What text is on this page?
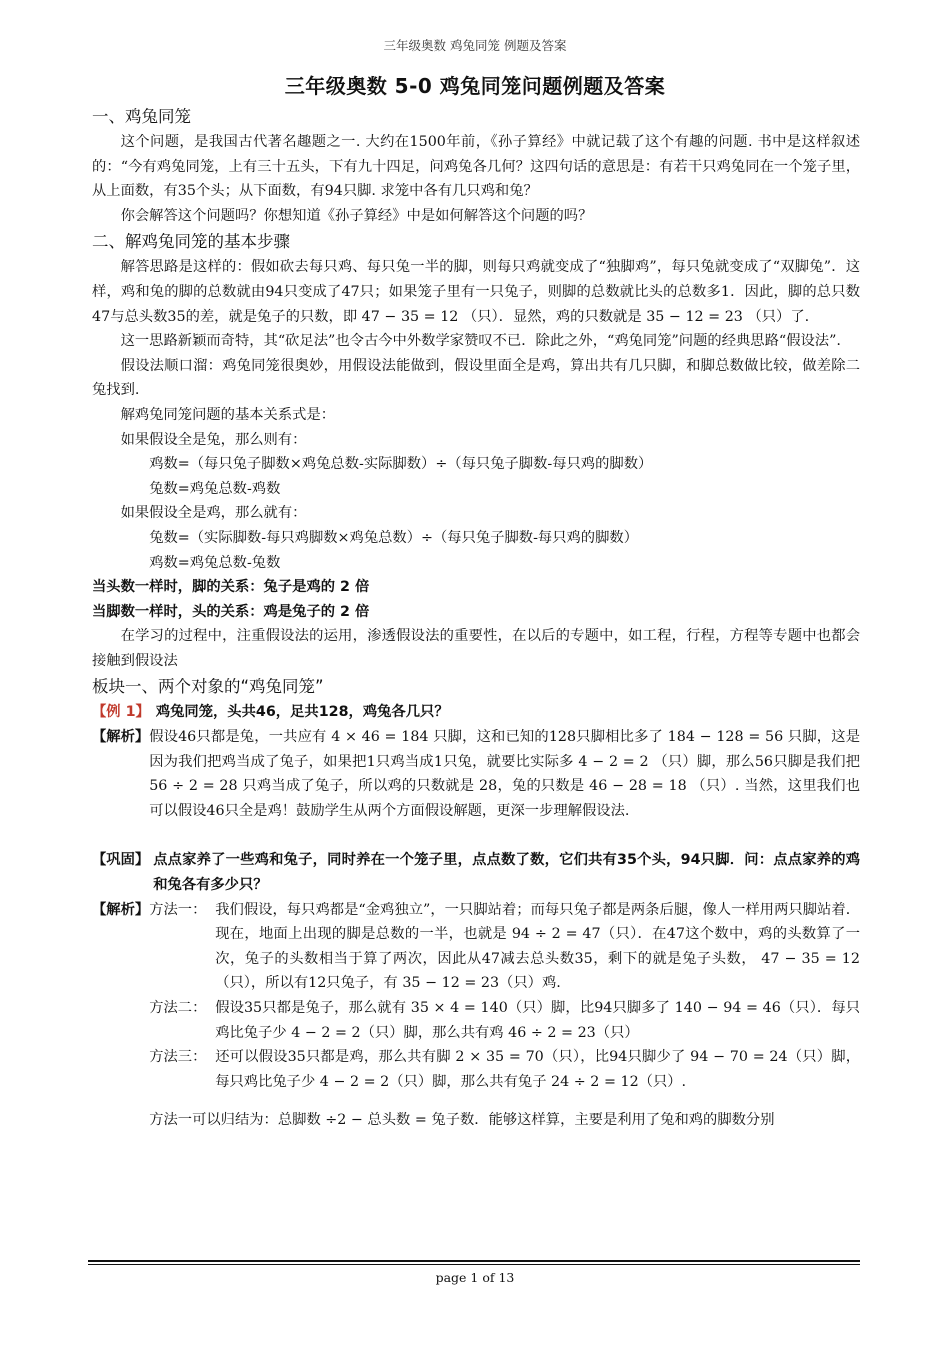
三年级奥数 鸡兔同笼 例题及答案
三年级奥数 5-0 鸡兔同笼问题例题及答案

一、鸡兔同笼

这个问题，是我国古代著名趣题之一. 大约在1500年前，《孙子算经》中就记载了这个有趣的问题. 书中是这样叙述的：“今有鸡兔同笼，上有三十五头，下有九十四足，问鸡兔各几何？这四句话的意思是：有若干只鸡兔同在一个笼子里，从上面数，有35个头；从下面数，有94只脚. 求笼中各有几只鸡和兔？

你会解答这个问题吗？你想知道《孙子算经》中是如何解答这个问题的吗？

二、解鸡兔同笼的基本步骤

解答思路是这样的：假如砍去每只鸡、每只兔一半的脚，则每只鸡就变成了“独脚鸡”，每只兔就变成了“双脚兔”．这样，鸡和兔的脚的总数就由94只变成了47只；如果笼子里有一只兔子，则脚的总数就比头的总数多1．因此，脚的总只数47与总头数35的差，就是兔子的只数，即 47 − 35 = 12 （只）．显然，鸡的只数就是 35 − 12 = 23 （只）了.

这一思路新颖而奇特，其“砍足法”也令古今中外数学家赞叹不已．除此之外，“鸡兔同笼”问题的经典思路“假设法”.

假设法顺口溜：鸡兔同笼很奥妙，用假设法能做到，假设里面全是鸡，算出共有几只脚，和脚总数做比较，做差除二兔找到.

解鸡兔同笼问题的基本关系式是：

如果假设全是兔，那么则有：

鸡数=（每只兔子脚数×鸡兔总数-实际脚数）÷（每只兔子脚数-每只鸡的脚数）

兔数=鸡兔总数-鸡数

如果假设全是鸡，那么就有：

兔数=（实际脚数-每只鸡脚数×鸡兔总数）÷（每只兔子脚数-每只鸡的脚数）

鸡数=鸡兔总数-兔数

当头数一样时，脚的关系：兔子是鸡的 2 倍

当脚数一样时，头的关系：鸡是兔子的 2 倍

在学习的过程中，注重假设法的运用，渗透假设法的重要性，在以后的专题中，如工程，行程，方程等专题中也都会接触到假设法

板块一、两个对象的“鸡兔同笼”

【例 1】 鸡兔同笼，头共46，足共128，鸡兔各几只？
【解析】 假设46只都是兔，一共应有 4 × 46 = 184 只脚，这和已知的128只脚相比多了 184 − 128 = 56 只脚，这是因为我们把鸡当成了兔子，如果把1只鸡当成1只兔，就要比实际多 4 − 2 = 2 （只）脚，那么56只脚是我们把 56 ÷ 2 = 28 只鸡当成了兔子，所以鸡的只数就是 28，兔的只数是 46 − 28 = 18 （只）. 当然，这里我们也可以假设46只全是鸡！鼓励学生从两个方面假设解题，更深一步理解假设法.
【巩固】 点点家养了一些鸡和兔子，同时养在一个笼子里，点点数了数，它们共有35个头，94只脚．问：点点家养的鸡和兔各有多少只？
【解析】 方法一： 我们假设，每只鸡都是“金鸡独立”，一只脚站着；而每只兔子都是两条后腿，像人一样用两只脚站着．现在，地面上出现的脚是总数的一半，也就是 94 ÷ 2 = 47（只）．在47这个数中，鸡的头数算了一次，兔子的头数相当于算了两次，因此从47减去总头数35，剩下的就是兔子头数， 47 − 35 = 12（只），所以有12只兔子，有 35 − 12 = 23（只）鸡.
方法二： 假设35只都是兔子，那么就有 35 × 4 = 140（只）脚，比94只脚多了 140 − 94 = 46（只）．每只鸡比兔子少 4 − 2 = 2（只）脚，那么共有鸡 46 ÷ 2 = 23（只）
方法三： 还可以假设35只都是鸡，那么共有脚 2 × 35 = 70（只），比94只脚少了 94 − 70 = 24（只）脚，每只鸡比兔子少 4 − 2 = 2（只）脚，那么共有兔子 24 ÷ 2 = 12（只）.

方法一可以归结为：总脚数 ÷2 − 总头数 = 兔子数．能够这样算，主要是利用了兔和鸡的脚数分别

page 1 of 13
